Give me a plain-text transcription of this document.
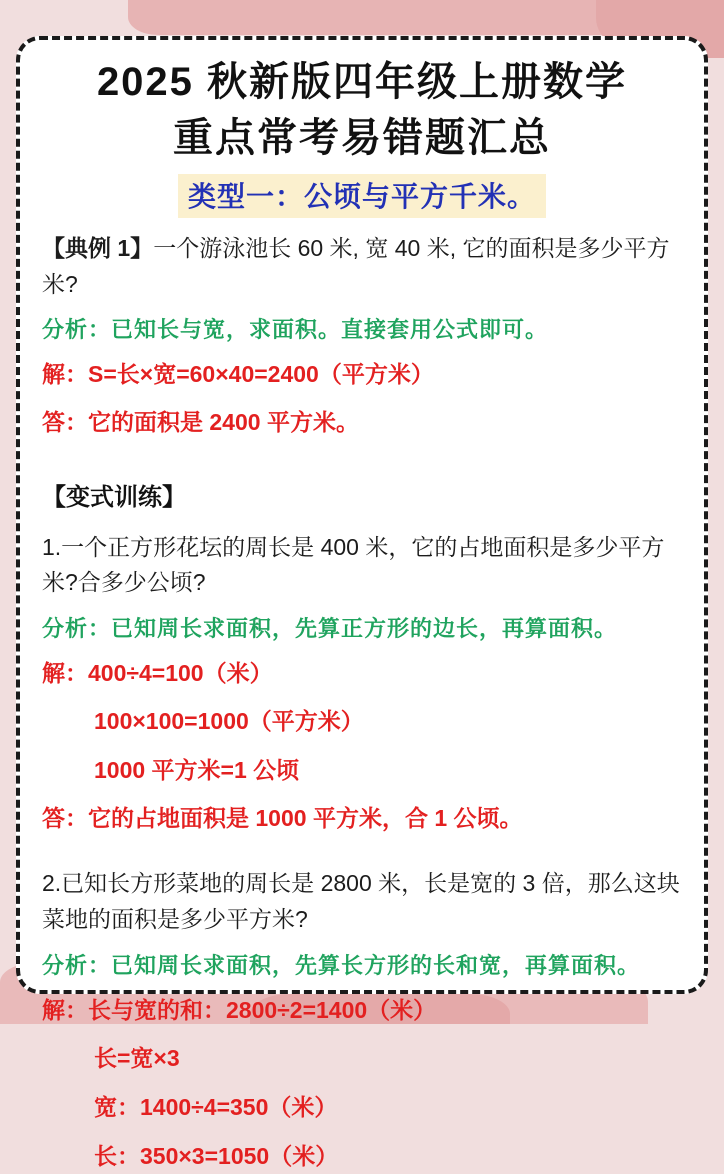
2025 秋新版四年级上册数学
重点常考易错题汇总
类型一：公顷与平方千米。
【典例 1】一个游泳池长 60 米, 宽 40 米, 它的面积是多少平方米?
分析：已知长与宽，求面积。直接套用公式即可。
解： S=长×宽=60×40=2400（平方米）
答： 它的面积是 2400 平方米。
【变式训练】
1.一个正方形花坛的周长是 400 米，它的占地面积是多少平方米?合多少公顷?
分析：已知周长求面积，先算正方形的边长，再算面积。
解： 400÷4=100（米）
100×100=1000（平方米）
1000 平方米=1 公顷
答： 它的占地面积是 1000 平方米，合 1 公顷。
2.已知长方形菜地的周长是 2800 米，长是宽的 3 倍，那么这块菜地的面积是多少平方米?
分析：已知周长求面积，先算长方形的长和宽，再算面积。
解： 长与宽的和：2800÷2=1400（米）
长=宽×3
宽：1400÷4=350（米）
长：350×3=1050（米）
